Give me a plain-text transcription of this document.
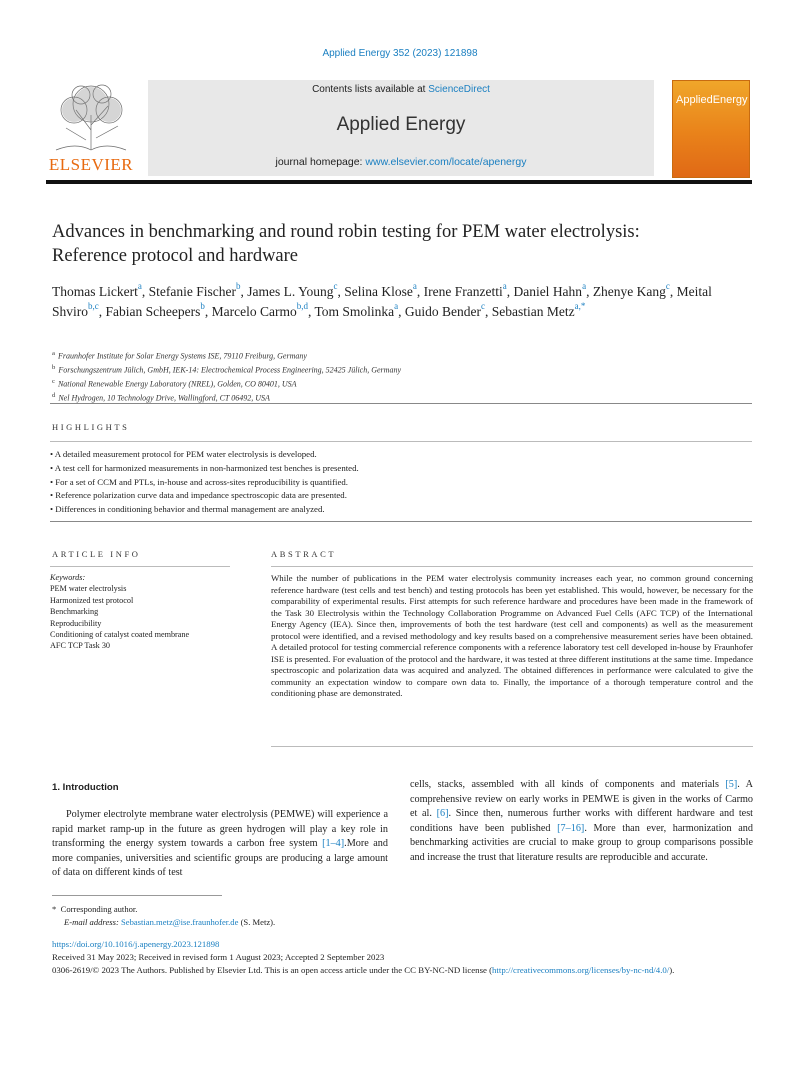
Applied Energy 352 (2023) 121898
ELSEVIER
Contents lists available at ScienceDirect
Applied Energy
journal homepage: www.elsevier.com/locate/apenergy
AppliedEnergy
Advances in benchmarking and round robin testing for PEM water electrolysis: Reference protocol and hardware
Thomas Lickert$^a$, Stefanie Fischer$^b$, James L. Young$^c$, Selina Klose$^a$, Irene Franzetti$^a$, Daniel Hahn$^a$, Zhenye Kang$^c$, Meital Shviro$^{b,c}$, Fabian Scheepers$^b$, Marcelo Carmo$^{b,d}$, Tom Smolinka$^a$, Guido Bender$^c$, Sebastian Metz$^{a,*}$
$^a$ Fraunhofer Institute for Solar Energy Systems ISE, 79110 Freiburg, Germany
$^b$ Forschungszentrum Jülich, GmbH, IEK-14: Electrochemical Process Engineering, 52425 Jülich, Germany
$^c$ National Renewable Energy Laboratory (NREL), Golden, CO 80401, USA
$^d$ Nel Hydrogen, 10 Technology Drive, Wallingford, CT 06492, USA
HIGHLIGHTS
• A detailed measurement protocol for PEM water electrolysis is developed.
• A test cell for harmonized measurements in non-harmonized test benches is presented.
• For a set of CCM and PTLs, in-house and across-sites reproducibility is quantified.
• Reference polarization curve data and impedance spectroscopic data are presented.
• Differences in conditioning behavior and thermal management are analyzed.
ARTICLE INFO
Keywords:
PEM water electrolysis
Harmonized test protocol
Benchmarking
Reproducibility
Conditioning of catalyst coated membrane
AFC TCP Task 30
ABSTRACT
While the number of publications in the PEM water electrolysis community increases each year, no common ground concerning reference hardware (test cells and test bench) and testing protocols has been yet established. This would, however, be necessary for the comparability of experimental results. First attempts for such reference hardware and procedures have been made in the framework of the Task 30 Electrolysis within the Technology Collaboration Programme on Advanced Fuel Cells (AFC TCP) of the International Energy Agency (IEA). Since then, improvements of both the test hardware (test cell and components) as well as the measurement protocol were identified, and a revised methodology and key results based on a comprehensive measurement series have been obtained. A detailed protocol for testing commercial reference components with a reference laboratory test cell developed in-house by Fraunhofer ISE is presented. For evaluation of the protocol and the hardware, it was tested at three different institutions at the same time. Impedance spectroscopic and polarization data was acquired and analyzed. The obtained differences in performance were calculated to give the community an expectation window to compare own data to. Finally, the importance of a thorough temperature control and the conditioning phase are demonstrated.
1. Introduction
Polymer electrolyte membrane water electrolysis (PEMWE) will experience a rapid market ramp-up in the future as green hydrogen will play a key role in transforming the energy system towards a carbon free system [1–4].More and more companies, universities and scientific groups are producing a large amount of data on different kinds of test
cells, stacks, assembled with all kinds of components and materials [5]. A comprehensive review on early works in PEMWE is given in the works of Carmo et al. [6]. Since then, numerous further works with different hardware and test conditions have been published [7–16]. More than ever, harmonization and benchmarking activities are crucial to make group to group comparisons possible and increase the trust that literature results are reproducible and accurate.
* Corresponding author.
E-mail address: Sebastian.metz@ise.fraunhofer.de (S. Metz).
https://doi.org/10.1016/j.apenergy.2023.121898
Received 31 May 2023; Received in revised form 1 August 2023; Accepted 2 September 2023
0306-2619/© 2023 The Authors. Published by Elsevier Ltd. This is an open access article under the CC BY-NC-ND license (http://creativecommons.org/licenses/by-nc-nd/4.0/).
